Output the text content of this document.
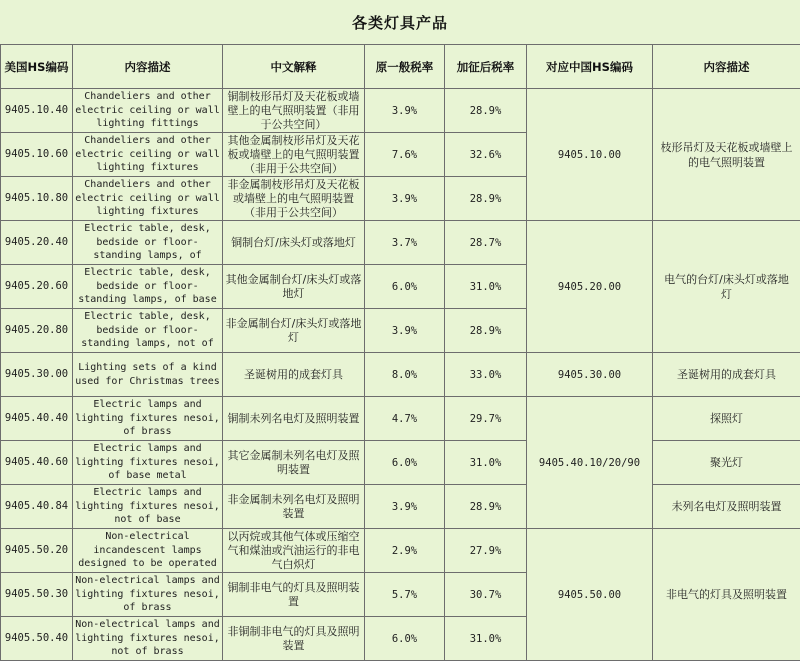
各类灯具产品
美国HS编码	内容描述	中文解释	原一般税率	加征后税率	对应中国HS编码	内容描述
9405.10.40	Chandeliers and other electric ceiling or wall lighting fittings	铜制枝形吊灯及天花板或墙壁上的电气照明装置（非用于公共空间）	3.9%	28.9%	9405.10.00	枝形吊灯及天花板或墙壁上的电气照明装置
9405.10.60	Chandeliers and other electric ceiling or wall lighting fixtures	其他金属制枝形吊灯及天花板或墙壁上的电气照明装置（非用于公共空间）	7.6%	32.6%		
9405.10.80	Chandeliers and other electric ceiling or wall lighting fixtures	非金属制枝形吊灯及天花板或墙壁上的电气照明装置（非用于公共空间）	3.9%	28.9%		
9405.20.40	Electric table, desk, bedside or floor-standing lamps, of	铜制台灯/床头灯或落地灯	3.7%	28.7%	9405.20.00	电气的台灯/床头灯或落地灯
9405.20.60	Electric table, desk, bedside or floor-standing lamps, of base	其他金属制台灯/床头灯或落地灯	6.0%	31.0%		
9405.20.80	Electric table, desk, bedside or floor-standing lamps, not of	非金属制台灯/床头灯或落地灯	3.9%	28.9%		
9405.30.00	Lighting sets of a kind used for Christmas trees	圣诞树用的成套灯具	8.0%	33.0%	9405.30.00	圣诞树用的成套灯具
9405.40.40	Electric lamps and lighting fixtures nesoi, of brass	铜制未列名电灯及照明装置	4.7%	29.7%	9405.40.10/20/90	探照灯
9405.40.60	Electric lamps and lighting fixtures nesoi, of base metal	其它金属制未列名电灯及照明装置	6.0%	31.0%		聚光灯
9405.40.84	Electric lamps and lighting fixtures nesoi, not of base	非金属制未列名电灯及照明装置	3.9%	28.9%		未列名电灯及照明装置
9405.50.20	Non-electrical incandescent lamps designed to be operated	以丙烷或其他气体或压缩空气和煤油或汽油运行的非电气白炽灯	2.9%	27.9%	9405.50.00	非电气的灯具及照明装置
9405.50.30	Non-electrical lamps and lighting fixtures nesoi, of brass	铜制非电气的灯具及照明装置	5.7%	30.7%		
9405.50.40	Non-electrical lamps and lighting fixtures nesoi, not of brass	非铜制非电气的灯具及照明装置	6.0%	31.0%		
